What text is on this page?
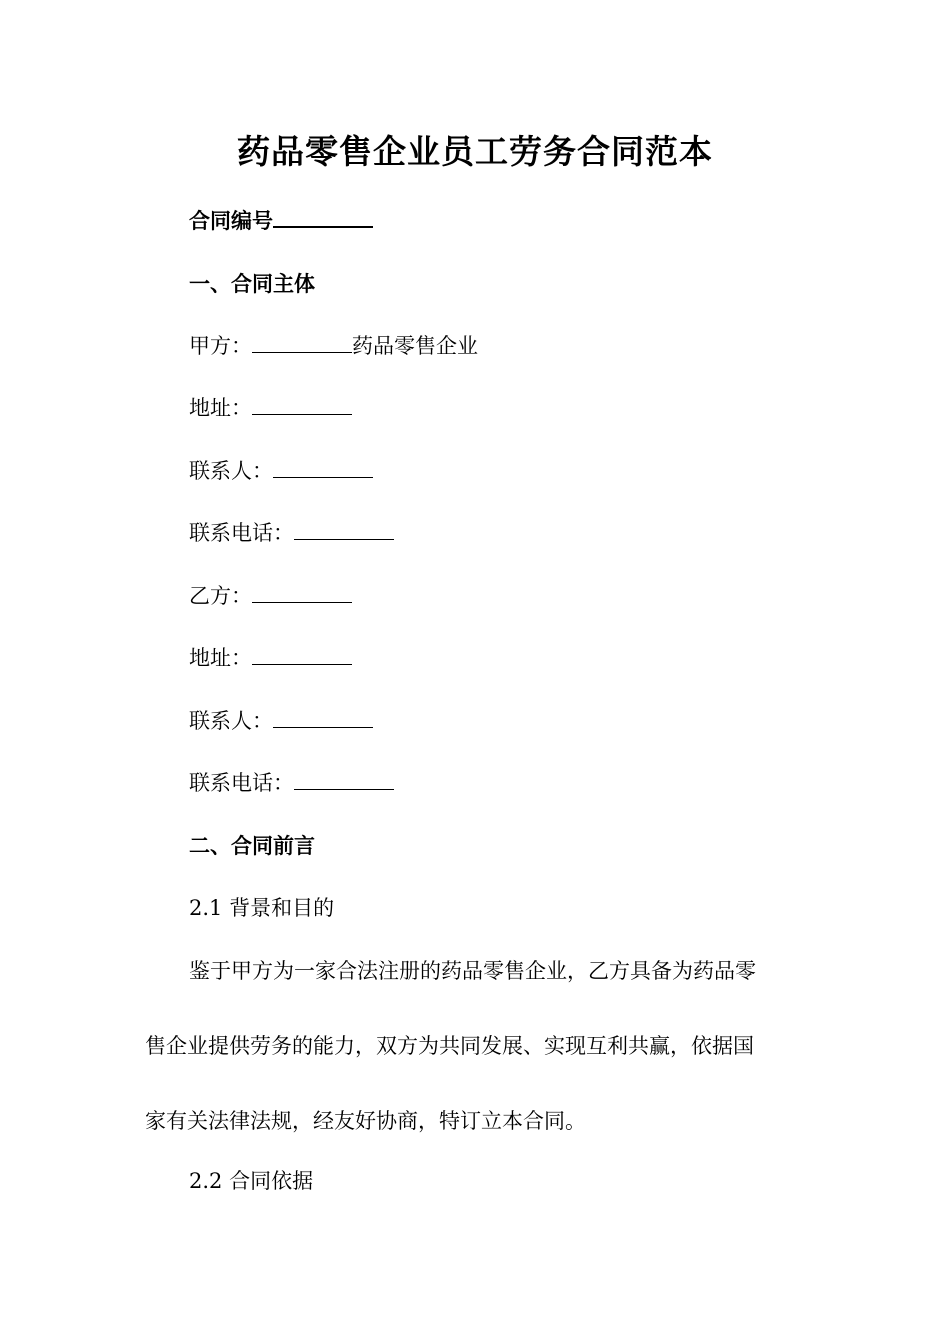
药品零售企业员工劳务合同范本
合同编号
一、合同主体
甲方：	药品零售企业
地址：
联系人：
联系电话：
乙方：
地址：
联系人：
联系电话：
二、合同前言
2.1 背景和目的
鉴于甲方为一家合法注册的药品零售企业，乙方具备为药品零
售企业提供劳务的能力，双方为共同发展、实现互利共赢，依据国
家有关法律法规，经友好协商，特订立本合同。
2.2 合同依据
